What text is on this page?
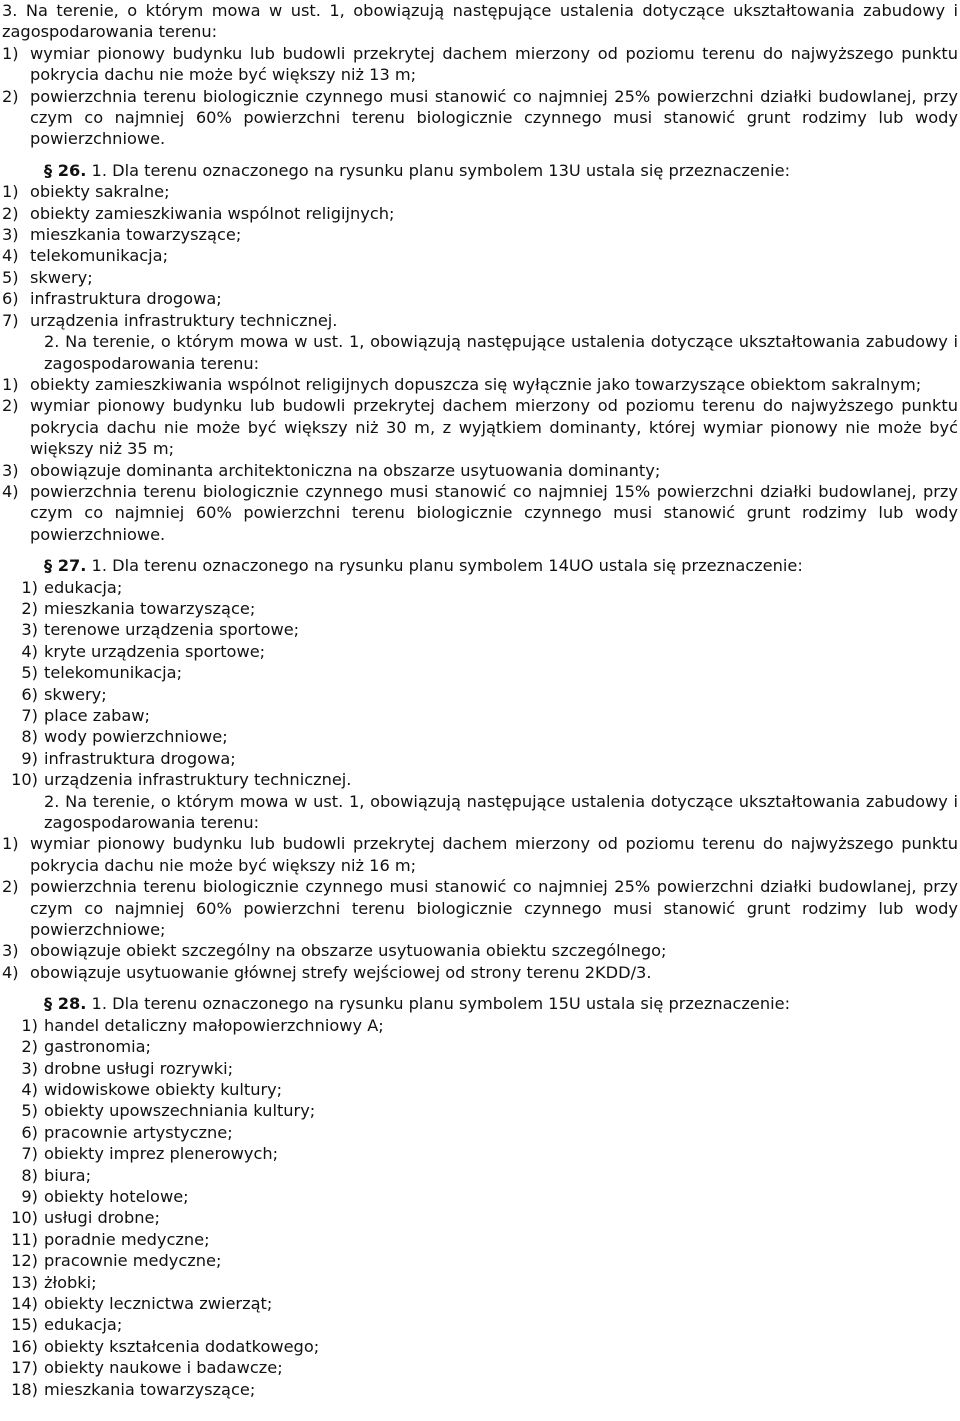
3. Na terenie, o którym mowa w ust. 1, obowiązują następujące ustalenia dotyczące ukształtowania zabudowy i zagospodarowania terenu:

1) wymiar pionowy budynku lub budowli przekrytej dachem mierzony od poziomu terenu do najwyższego punktu pokrycia dachu nie może być większy niż 13 m;
2) powierzchnia terenu biologicznie czynnego musi stanowić co najmniej 25% powierzchni działki budowlanej, przy czym co najmniej 60% powierzchni terenu biologicznie czynnego musi stanowić grunt rodzimy lub wody powierzchniowe.

§ 26. 1. Dla terenu oznaczonego na rysunku planu symbolem 13U ustala się przeznaczenie:

1) obiekty sakralne;
2) obiekty zamieszkiwania wspólnot religijnych;
3) mieszkania towarzyszące;
4) telekomunikacja;
5) skwery;
6) infrastruktura drogowa;
7) urządzenia infrastruktury technicznej.

2. Na terenie, o którym mowa w ust. 1, obowiązują następujące ustalenia dotyczące ukształtowania zabudowy i zagospodarowania terenu:

1) obiekty zamieszkiwania wspólnot religijnych dopuszcza się wyłącznie jako towarzyszące obiektom sakralnym;
2) wymiar pionowy budynku lub budowli przekrytej dachem mierzony od poziomu terenu do najwyższego punktu pokrycia dachu nie może być większy niż 30 m, z wyjątkiem dominanty, której wymiar pionowy nie może być większy niż 35 m;
3) obowiązuje dominanta architektoniczna na obszarze usytuowania dominanty;
4) powierzchnia terenu biologicznie czynnego musi stanowić co najmniej 15% powierzchni działki budowlanej, przy czym co najmniej 60% powierzchni terenu biologicznie czynnego musi stanowić grunt rodzimy lub wody powierzchniowe.

§ 27. 1. Dla terenu oznaczonego na rysunku planu symbolem 14UO ustala się przeznaczenie:

1) edukacja;
2) mieszkania towarzyszące;
3) terenowe urządzenia sportowe;
4) kryte urządzenia sportowe;
5) telekomunikacja;
6) skwery;
7) place zabaw;
8) wody powierzchniowe;
9) infrastruktura drogowa;
10) urządzenia infrastruktury technicznej.

2. Na terenie, o którym mowa w ust. 1, obowiązują następujące ustalenia dotyczące ukształtowania zabudowy i zagospodarowania terenu:

1) wymiar pionowy budynku lub budowli przekrytej dachem mierzony od poziomu terenu do najwyższego punktu pokrycia dachu nie może być większy niż 16 m;
2) powierzchnia terenu biologicznie czynnego musi stanowić co najmniej 25% powierzchni działki budowlanej, przy czym co najmniej 60% powierzchni terenu biologicznie czynnego musi stanowić grunt rodzimy lub wody powierzchniowe;
3) obowiązuje obiekt szczególny na obszarze usytuowania obiektu szczególnego;
4) obowiązuje usytuowanie głównej strefy wejściowej od strony terenu 2KDD/3.

§ 28. 1. Dla terenu oznaczonego na rysunku planu symbolem 15U ustala się przeznaczenie:

1) handel detaliczny małopowierzchniowy A;
2) gastronomia;
3) drobne usługi rozrywki;
4) widowiskowe obiekty kultury;
5) obiekty upowszechniania kultury;
6) pracownie artystyczne;
7) obiekty imprez plenerowych;
8) biura;
9) obiekty hotelowe;
10) usługi drobne;
11) poradnie medyczne;
12) pracownie medyczne;
13) żłobki;
14) obiekty lecznictwa zwierząt;
15) edukacja;
16) obiekty kształcenia dodatkowego;
17) obiekty naukowe i badawcze;
18) mieszkania towarzyszące;
